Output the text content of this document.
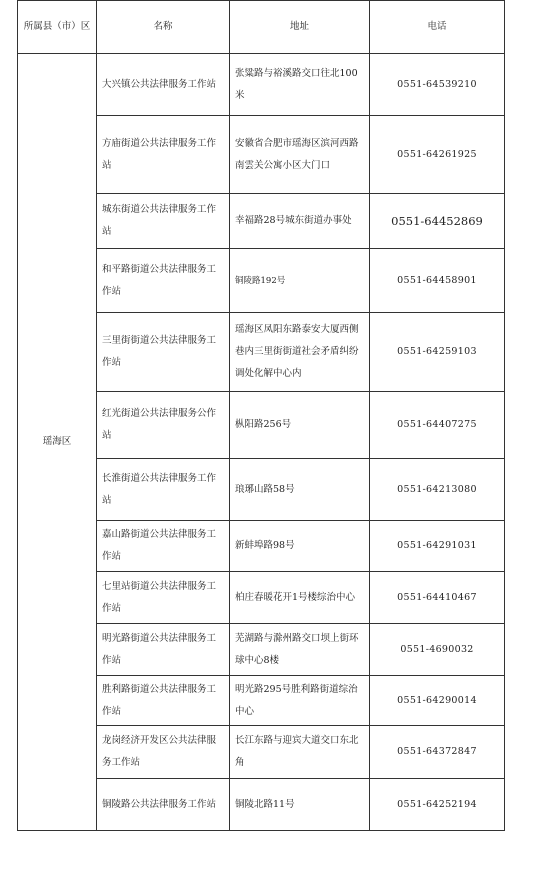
所属县（市）区	名称	地址	电话
瑶海区	大兴镇公共法律服务工作站	张粱路与裕溪路交口往北100米	0551-64539210
	方庙街道公共法律服务工作站	安徽省合肥市瑶海区滨河西路南雲关公寓小区大门口	0551-64261925
	城东街道公共法律服务工作站	幸福路28号城东街道办事处	0551-64452869
	和平路街道公共法律服务工作站	铜陵路192号	0551-64458901
	三里街街道公共法律服务工作站	瑶海区凤阳东路泰安大厦西侧巷内三里街街道社会矛盾纠纷调处化解中心内	0551-64259103
	红光街道公共法律服务公作站	枞阳路256号	0551-64407275
	长淮街道公共法律服务工作站	琅琊山路58号	0551-64213080
	嘉山路街道公共法律服务工作站	新蚌埠路98号	0551-64291031
	七里站街道公共法律服务工作站	柏庄春暖花开1号楼综治中心	0551-64410467
	明光路街道公共法律服务工作站	芜湖路与滁州路交口坝上街环球中心8楼	0551-4690032
	胜利路街道公共法律服务工作站	明光路295号胜利路街道综治中心	0551-64290014
	龙岗经济开发区公共法律服务工作站	长江东路与迎宾大道交口东北角	0551-64372847
	铜陵路公共法律服务工作站	铜陵北路11号	0551-64252194
